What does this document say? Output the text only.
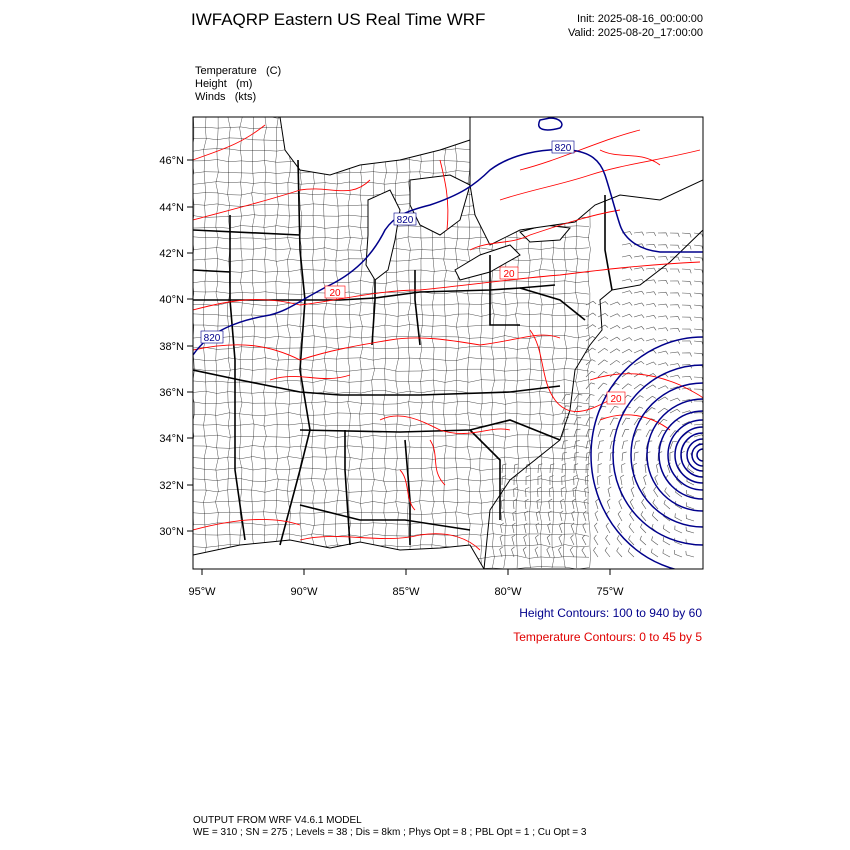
IWFAQRP Eastern US Real Time WRF	Init: 2025-08-16_00:00:00
Valid: 2025-08-20_17:00:00
Temperature (C)
Height (m)
Winds (kts)
820
820
20
820
20
20
30°N
32°N
34°N
36°N
38°N
40°N
42°N
44°N
46°N
95°W	90°W	85°W	80°W	75°W
Height Contours: 100 to 940 by 60
Temperature Contours: 0 to 45 by 5
OUTPUT FROM WRF V4.6.1 MODEL
WE = 310 ; SN = 275 ; Levels = 38 ; Dis = 8km ; Phys Opt = 8 ; PBL Opt = 1 ; Cu Opt = 3
